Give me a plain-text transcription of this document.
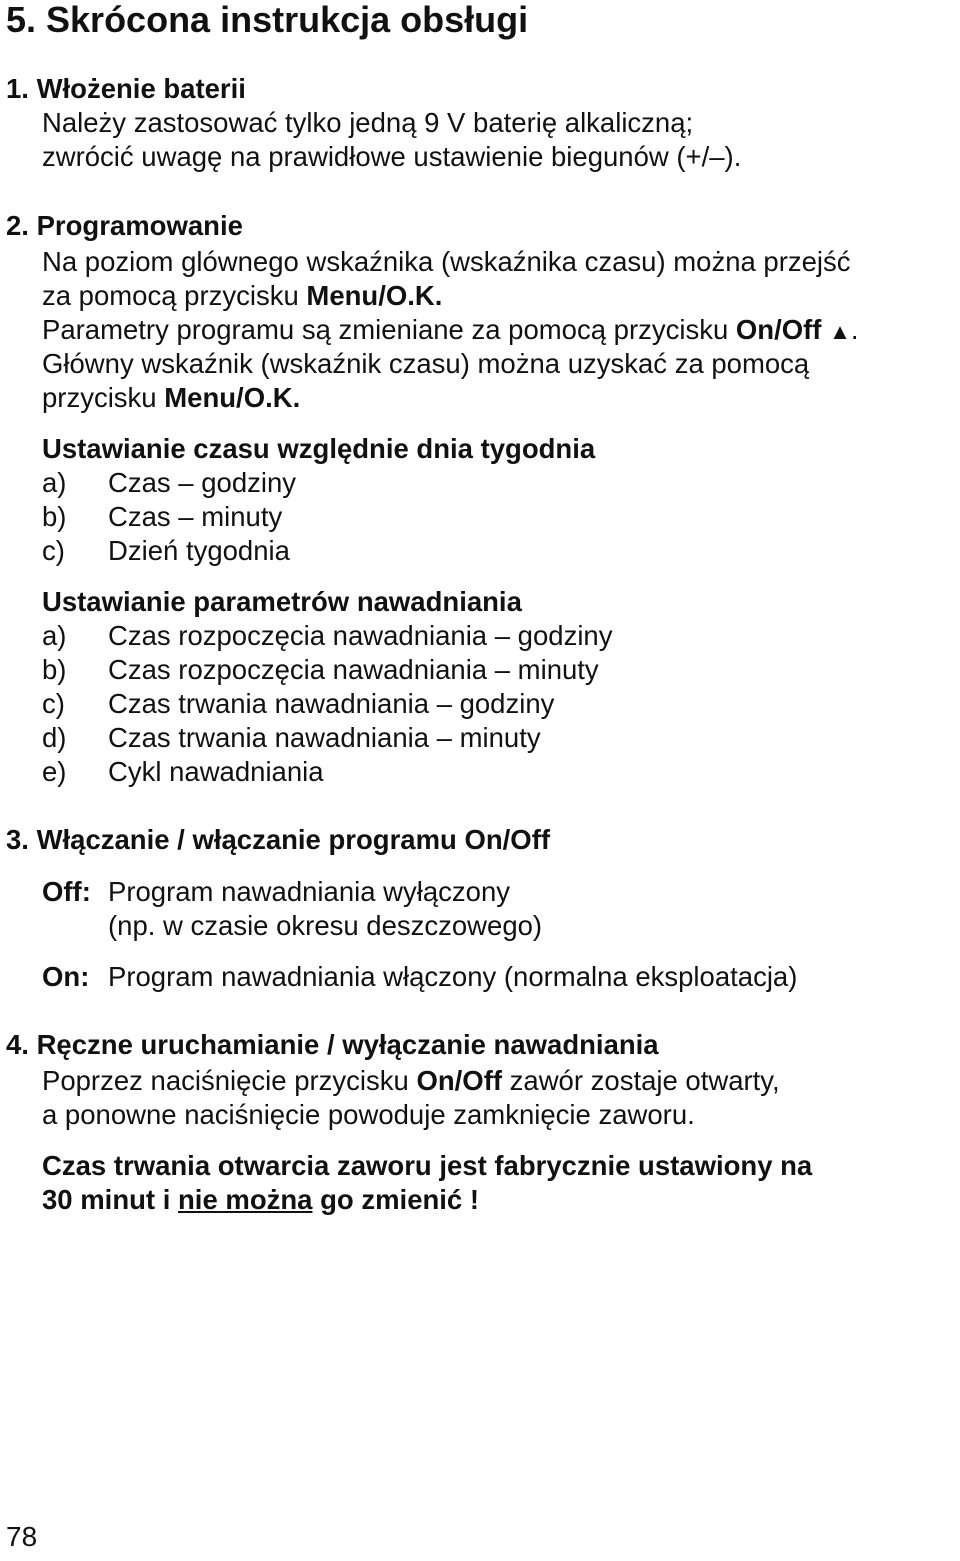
5. Skrócona instrukcja obsługi
1. Włożenie baterii
Należy zastosować tylko jedną 9 V baterię alkaliczną;
zwrócić uwagę na prawidłowe ustawienie biegunów (+/–).
2. Programowanie
Na poziom glównego wskaźnika (wskaźnika czasu) można przejść
za pomocą przycisku Menu/O.K.
Parametry programu są zmieniane za pomocą przycisku On/Off ▲.
Główny wskaźnik (wskaźnik czasu) można uzyskać za pomocą
przycisku Menu/O.K.
Ustawianie czasu względnie dnia tygodnia
a) Czas – godziny
b) Czas – minuty
c) Dzień tygodnia
Ustawianie parametrów nawadniania
a) Czas rozpoczęcia nawadniania – godziny
b) Czas rozpoczęcia nawadniania – minuty
c) Czas trwania nawadniania – godziny
d) Czas trwania nawadniania – minuty
e) Cykl nawadniania
3. Włączanie / włączanie programu On/Off
Off: Program nawadniania wyłączony
(np. w czasie okresu deszczowego)
On: Program nawadniania włączony (normalna eksploatacja)
4. Ręczne uruchamianie / wyłączanie nawadniania
Poprzez naciśnięcie przycisku On/Off zawór zostaje otwarty,
a ponowne naciśnięcie powoduje zamknięcie zaworu.
Czas trwania otwarcia zaworu jest fabrycznie ustawiony na
30 minut i nie można go zmienić !
78
